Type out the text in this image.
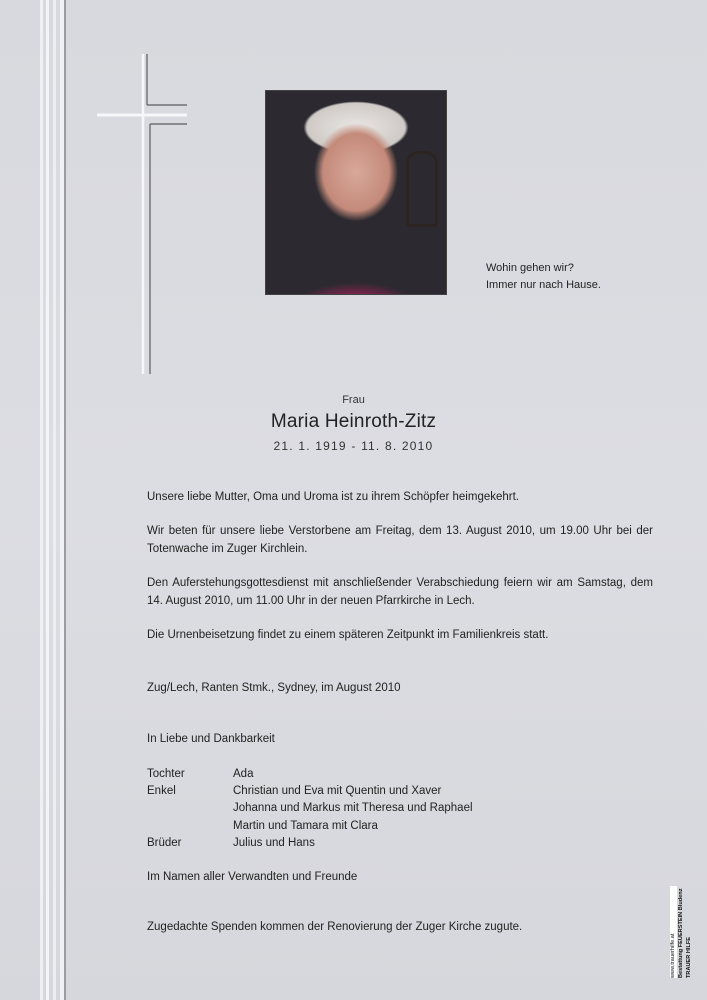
Wohin gehen wir?
Immer nur nach Hause.
Frau
Maria Heinroth-Zitz
21. 1. 1919 - 11. 8. 2010
Unsere liebe Mutter, Oma und Uroma ist zu ihrem Schöpfer heimgekehrt.
Wir beten für unsere liebe Verstorbene am Freitag, dem 13. August 2010, um 19.00 Uhr bei der Totenwache im Zuger Kirchlein.
Den Auferstehungsgottesdienst mit anschließender Verabschiedung feiern wir am Samstag, dem 14. August 2010, um 11.00 Uhr in der neuen Pfarrkirche in Lech.
Die Urnenbeisetzung findet zu einem späteren Zeitpunkt im Familienkreis statt.
Zug/Lech, Ranten Stmk., Sydney, im August 2010
In Liebe und Dankbarkeit
Tochter	Ada
Enkel	Christian und Eva mit Quentin und Xaver
Johanna und Markus mit Theresa und Raphael
Martin und Tamara mit Clara
Brüder	Julius und Hans
Im Namen aller Verwandten und Freunde
Zugedachte Spenden kommen der Renovierung der Zuger Kirche zugute.
TRAUER HILFE
Bestattung FEUERSTEIN Bludenz
www.trauerhilfe.at
